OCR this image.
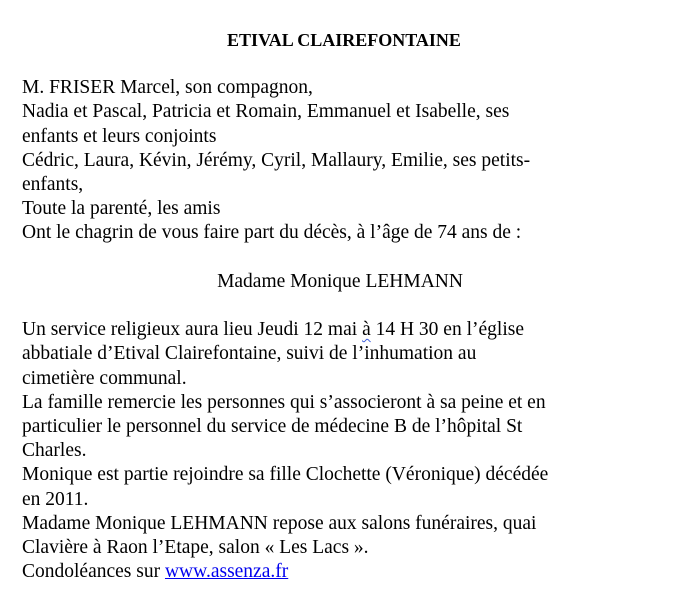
ETIVAL CLAIREFONTAINE
M. FRISER Marcel, son compagnon,
Nadia et Pascal, Patricia et Romain, Emmanuel et Isabelle, ses
enfants et leurs conjoints
Cédric, Laura, Kévin, Jérémy, Cyril, Mallaury, Emilie, ses petits-
enfants,
Toute la parenté, les amis
Ont le chagrin de vous faire part du décès, à l’âge de 74 ans de :
Madame Monique LEHMANN
Un service religieux aura lieu Jeudi 12 mai à 14 H 30 en l’église
abbatiale d’Etival Clairefontaine, suivi de l’inhumation au
cimetière communal.
La famille remercie les personnes qui s’associeront à sa peine et en
particulier le personnel du service de médecine B de l’hôpital St
Charles.
Monique est partie rejoindre sa fille Clochette (Véronique) décédée
en 2011.
Madame Monique LEHMANN repose aux salons funéraires, quai
Clavière à Raon l’Etape, salon « Les Lacs ».
Condoléances sur www.assenza.fr
